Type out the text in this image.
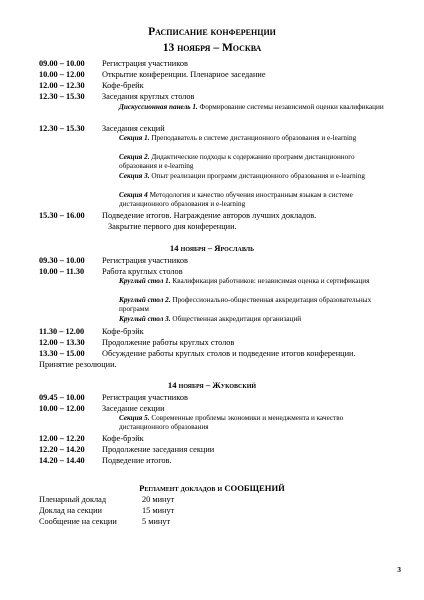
Расписание конференции
13 ноября – Москва
09.00 – 10.00 Регистрация участников
10.00 – 12.00 Открытие конференции. Пленарное заседание
12.00 – 12.30 Кофе-брейк
12.30 – 15.30 Заседания круглых столов
Дискуссионная панель 1. Формирование системы независимой оценки квалификации
12.30 – 15.30 Заседания секций
Секция 1. Преподаватель в системе дистанционного образования и e-learning
Секция 2. Дидактические подходы к содержанию программ дистанционного образования и e-learning
Секция 3. Опыт реализации программ дистанционного образования и e-learning
Секция 4 Методология и качество обучения иностранным языкам в системе дистанционного образования и e-learning
15.30 – 16.00 Подведение итогов. Награждение авторов лучших докладов.
Закрытие первого дня конференции.
14 ноября – Ярославль
09.30 – 10.00 Регистрация участников
10.00 – 11.30 Работа круглых столов
Круглый стол 1. Квалификация работников: независимая оценка и сертификация
Круглый стол 2. Профессионально-общественная аккредитация образовательных программ
Круглый стол 3. Общественная аккредитация организаций
11.30 – 12.00 Кофе-брэйк
12.00 – 13.30 Продолжение работы круглых столов
13.30 – 15.00 Обсуждение работы круглых столов и подведение итогов конференции.
Принятие резолюции.
14 ноября – Жуковский
09.45 – 10.00 Регистрация участников
10.00 – 12.00 Заседание секции
Секция 5. Современные проблемы экономики и менеджмента и качество дистанционного образования
12.00 – 12.20 Кофе-брэйк
12.20 – 14.20 Продолжение заседания секции
14.20 – 14.40 Подведение итогов.
Регламент докладов и СООБЩЕНИЙ
Пленарный доклад	20 минут
Доклад на секции	15 минут
Сообщение на секции	5 минут
3
